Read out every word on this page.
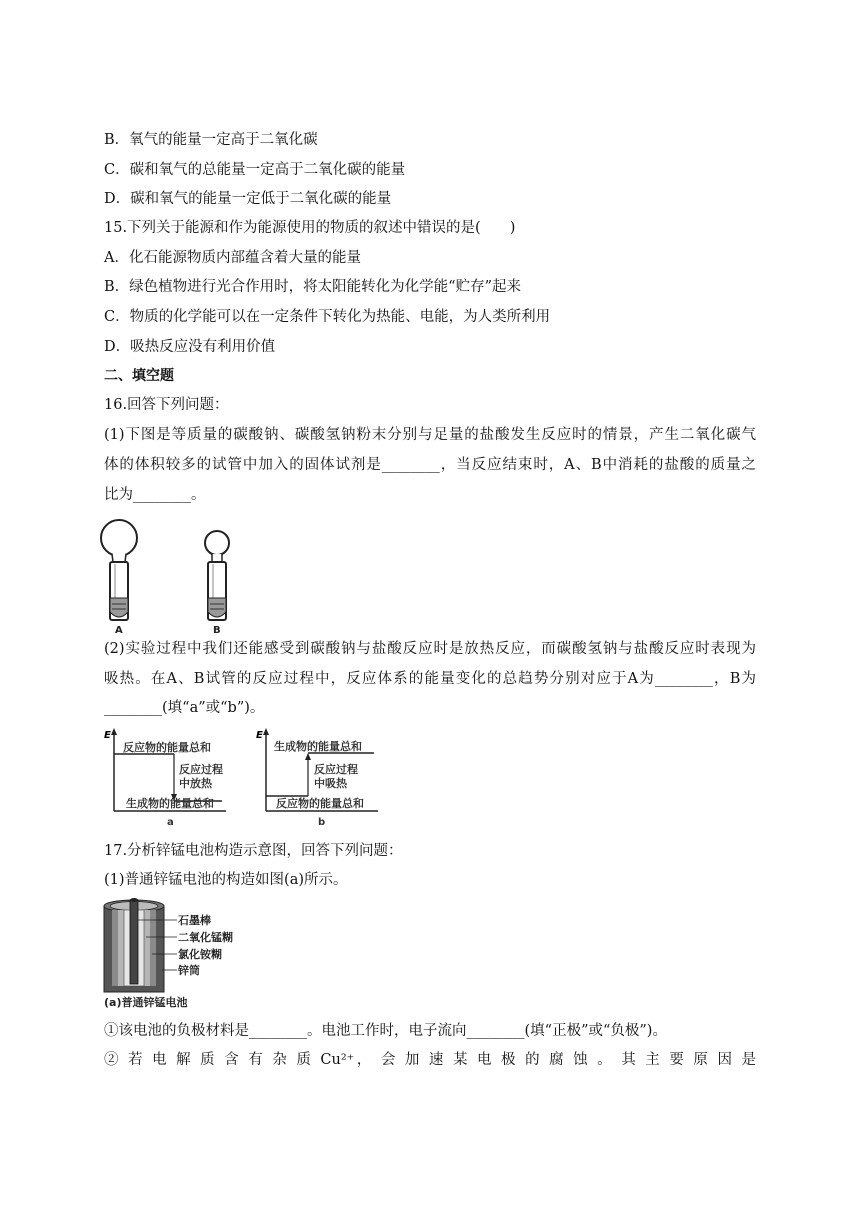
B．氧气的能量一定高于二氧化碳
C．碳和氧气的总能量一定高于二氧化碳的能量
D．碳和氧气的能量一定低于二氧化碳的能量
15.下列关于能源和作为能源使用的物质的叙述中错误的是(　　)
A．化石能源物质内部蕴含着大量的能量
B．绿色植物进行光合作用时，将太阳能转化为化学能“贮存”起来
C．物质的化学能可以在一定条件下转化为热能、电能，为人类所利用
D．吸热反应没有利用价值
二、填空题
16.回答下列问题：
(1)下图是等质量的碳酸钠、碳酸氢钠粉末分别与足量的盐酸发生反应时的情景，产生二氧化碳气
体的体积较多的试管中加入的固体试剂是________，当反应结束时，A、B中消耗的盐酸的质量之
比为________。
A	B
(2)实验过程中我们还能感受到碳酸钠与盐酸反应时是放热反应，而碳酸氢钠与盐酸反应时表现为
吸热。在A、B试管的反应过程中，反应体系的能量变化的总趋势分别对应于A为________，B为
________(填“a”或“b”)。
E
反应物的能量总和
反应过程
中放热
生成物的能量总和
a
E
生成物的能量总和
反应过程
中吸热
反应物的能量总和
b
17.分析锌锰电池构造示意图，回答下列问题：
(1)普通锌锰电池的构造如图(a)所示。
石墨棒
二氧化锰糊
氯化铵糊
锌筒
(a)普通锌锰电池
①该电池的负极材料是________。电池工作时，电子流向________(填“正极”或“负极”)。
② 若 电 解 质 含 有 杂 质 Cu²⁺， 会 加 速 某 电 极 的 腐 蚀 。 其 主 要 原 因 是
